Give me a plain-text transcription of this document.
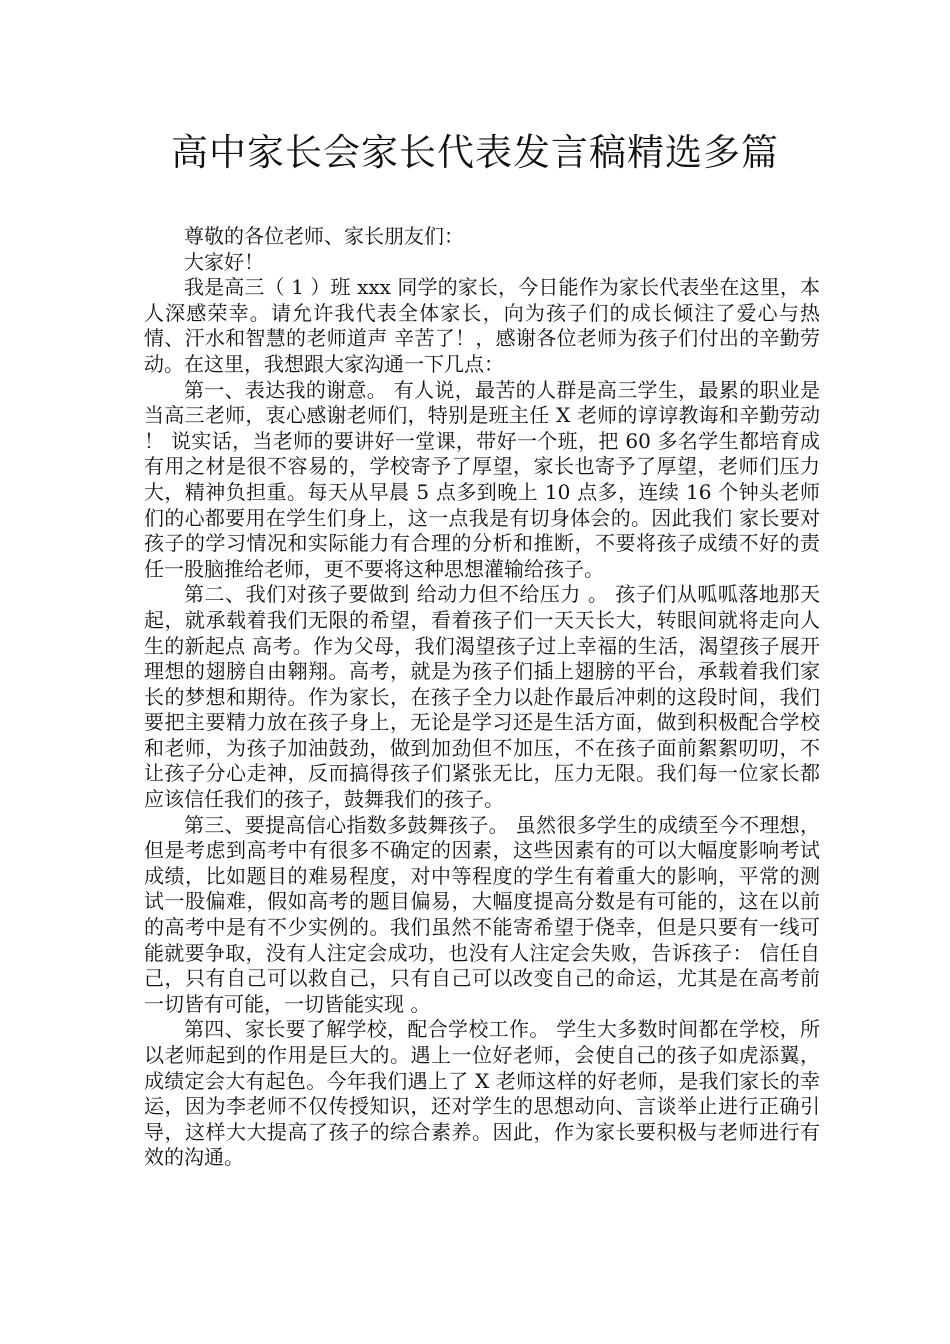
高中家长会家长代表发言稿精选多篇

尊敬的各位老师、家长朋友们：

大家好！

我是高三（ 1 ）班 xxx 同学的家长，今日能作为家长代表坐在这里，本人深感荣幸。请允许我代表全体家长，向为孩子们的成长倾注了爱心与热情、汗水和智慧的老师道声 辛苦了！，感谢各位老师为孩子们付出的辛勤劳动。在这里，我想跟大家沟通一下几点：

第一、表达我的谢意。 有人说，最苦的人群是高三学生，最累的职业是当高三老师，衷心感谢老师们，特别是班主任 X 老师的谆谆教诲和辛勤劳动 ！ 说实话，当老师的要讲好一堂课，带好一个班，把 60 多名学生都培育成有用之材是很不容易的，学校寄予了厚望，家长也寄予了厚望，老师们压力大，精神负担重。每天从早晨 5 点多到晚上 10 点多，连续 16 个钟头老师们的心都要用在学生们身上，这一点我是有切身体会的。因此我们 家长要对孩子的学习情况和实际能力有合理的分析和推断，不要将孩子成绩不好的责任一股脑推给老师，更不要将这种思想灌输给孩子。

第二、我们对孩子要做到 给动力但不给压力 。 孩子们从呱呱落地那天起，就承载着我们无限的希望，看着孩子们一天天长大，转眼间就将走向人生的新起点 高考。作为父母，我们渴望孩子过上幸福的生活，渴望孩子展开理想的翅膀自由翱翔。高考，就是为孩子们插上翅膀的平台，承载着我们家长的梦想和期待。作为家长，在孩子全力以赴作最后冲刺的这段时间，我们要把主要精力放在孩子身上，无论是学习还是生活方面，做到积极配合学校和老师，为孩子加油鼓劲，做到加劲但不加压，不在孩子面前絮絮叨叨，不让孩子分心走神，反而搞得孩子们紧张无比，压力无限。我们每一位家长都应该信任我们的孩子，鼓舞我们的孩子。

第三、要提高信心指数多鼓舞孩子。 虽然很多学生的成绩至今不理想，但是考虑到高考中有很多不确定的因素，这些因素有的可以大幅度影响考试成绩，比如题目的难易程度，对中等程度的学生有着重大的影响，平常的测试一股偏难，假如高考的题目偏易，大幅度提高分数是有可能的，这在以前的高考中是有不少实例的。我们虽然不能寄希望于侥幸，但是只要有一线可能就要争取，没有人注定会成功，也没有人注定会失败，告诉孩子： 信任自己，只有自己可以救自己，只有自己可以改变自己的命运，尤其是在高考前一切皆有可能，一切皆能实现 。

第四、家长要了解学校，配合学校工作。 学生大多数时间都在学校，所以老师起到的作用是巨大的。遇上一位好老师，会使自己的孩子如虎添翼，成绩定会大有起色。今年我们遇上了 X 老师这样的好老师，是我们家长的幸运，因为李老师不仅传授知识，还对学生的思想动向、言谈举止进行正确引导，这样大大提高了孩子的综合素养。因此，作为家长要积极与老师进行有效的沟通。
